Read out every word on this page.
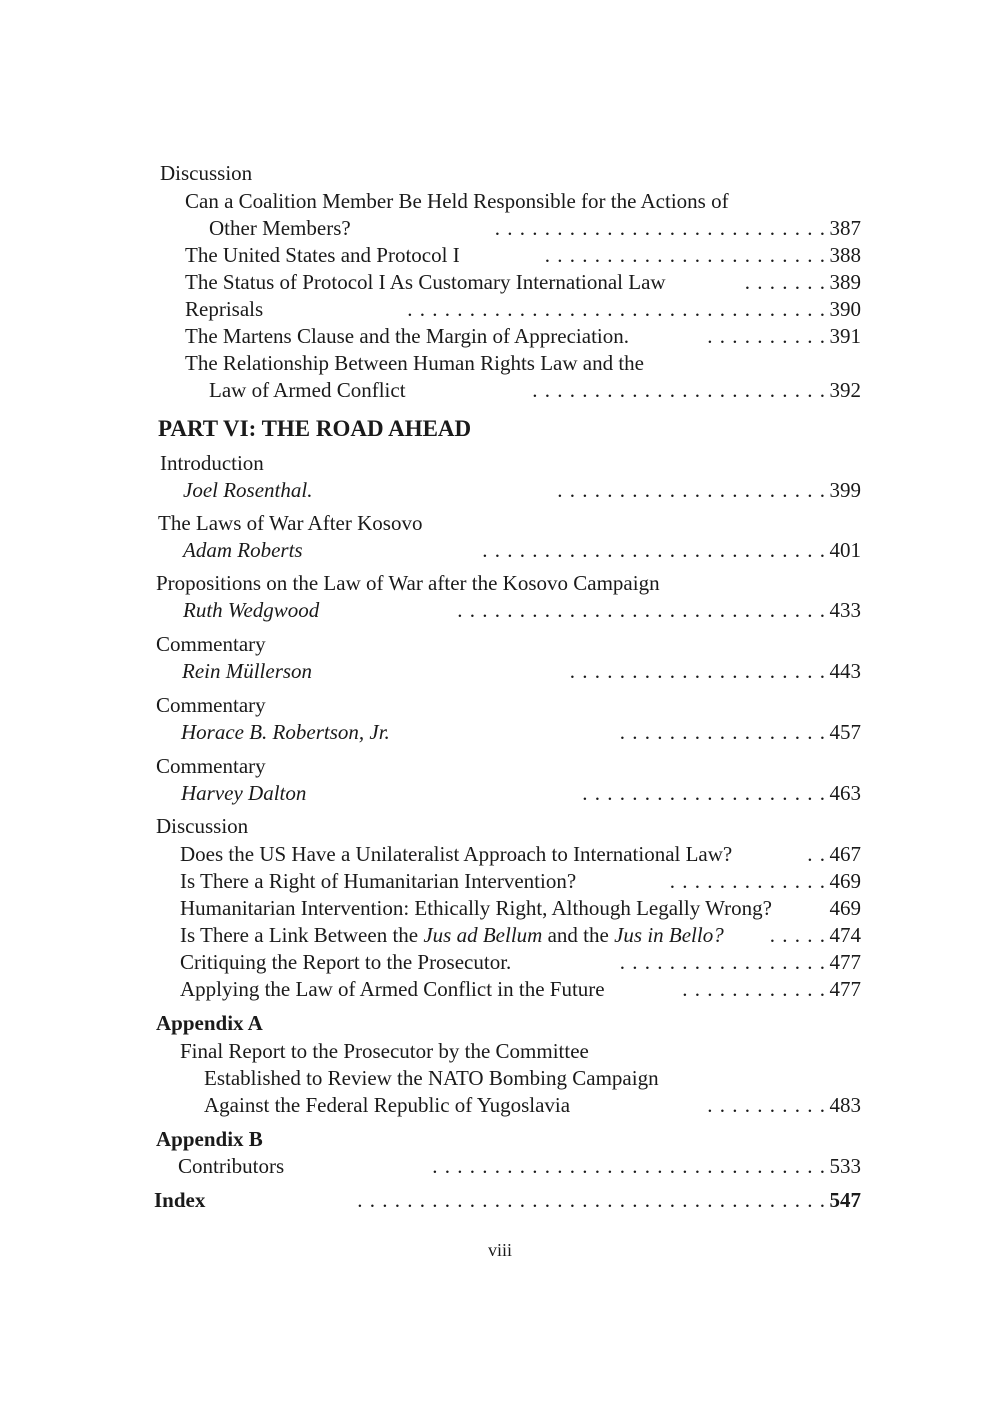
Discussion
Can a Coalition Member Be Held Responsible for the Actions of
Other Members?	. . . . . . . . . . . . . . . . . . . . . . . . . . . 387
The United States and Protocol I	. . . . . . . . . . . . . . . . . . . . . . . 388
The Status of Protocol I As Customary International Law	. . . . . . . 389
Reprisals	. . . . . . . . . . . . . . . . . . . . . . . . . . . . . . . . . . 390
The Martens Clause and the Margin of Appreciation.	. . . . . . . . . . 391
The Relationship Between Human Rights Law and the
Law of Armed Conflict	. . . . . . . . . . . . . . . . . . . . . . . . 392
PART VI: THE ROAD AHEAD
Introduction
Joel Rosenthal.	. . . . . . . . . . . . . . . . . . . . . . 399
The Laws of War After Kosovo
Adam Roberts	. . . . . . . . . . . . . . . . . . . . . . . . . . . . 401
Propositions on the Law of War after the Kosovo Campaign
Ruth Wedgwood	. . . . . . . . . . . . . . . . . . . . . . . . . . . . . . 433
Commentary
Rein Müllerson	. . . . . . . . . . . . . . . . . . . . . 443
Commentary
Horace B. Robertson, Jr.	. . . . . . . . . . . . . . . . . 457
Commentary
Harvey Dalton	. . . . . . . . . . . . . . . . . . . . 463
Discussion
Does the US Have a Unilateralist Approach to International Law?	. . 467
Is There a Right of Humanitarian Intervention?	. . . . . . . . . . . . . 469
Humanitarian Intervention: Ethically Right, Although Legally Wrong?	469
Is There a Link Between the Jus ad Bellum and the Jus in Bello?	. . . . . 474
Critiquing the Report to the Prosecutor.	. . . . . . . . . . . . . . . . . 477
Applying the Law of Armed Conflict in the Future	. . . . . . . . . . . . 477
Appendix A
Final Report to the Prosecutor by the Committee
Established to Review the NATO Bombing Campaign
Against the Federal Republic of Yugoslavia	. . . . . . . . . . 483
Appendix B
Contributors	. . . . . . . . . . . . . . . . . . . . . . . . . . . . . . . . 533
Index	. . . . . . . . . . . . . . . . . . . . . . . . . . . . . . . . . . . . . . 547
viii
